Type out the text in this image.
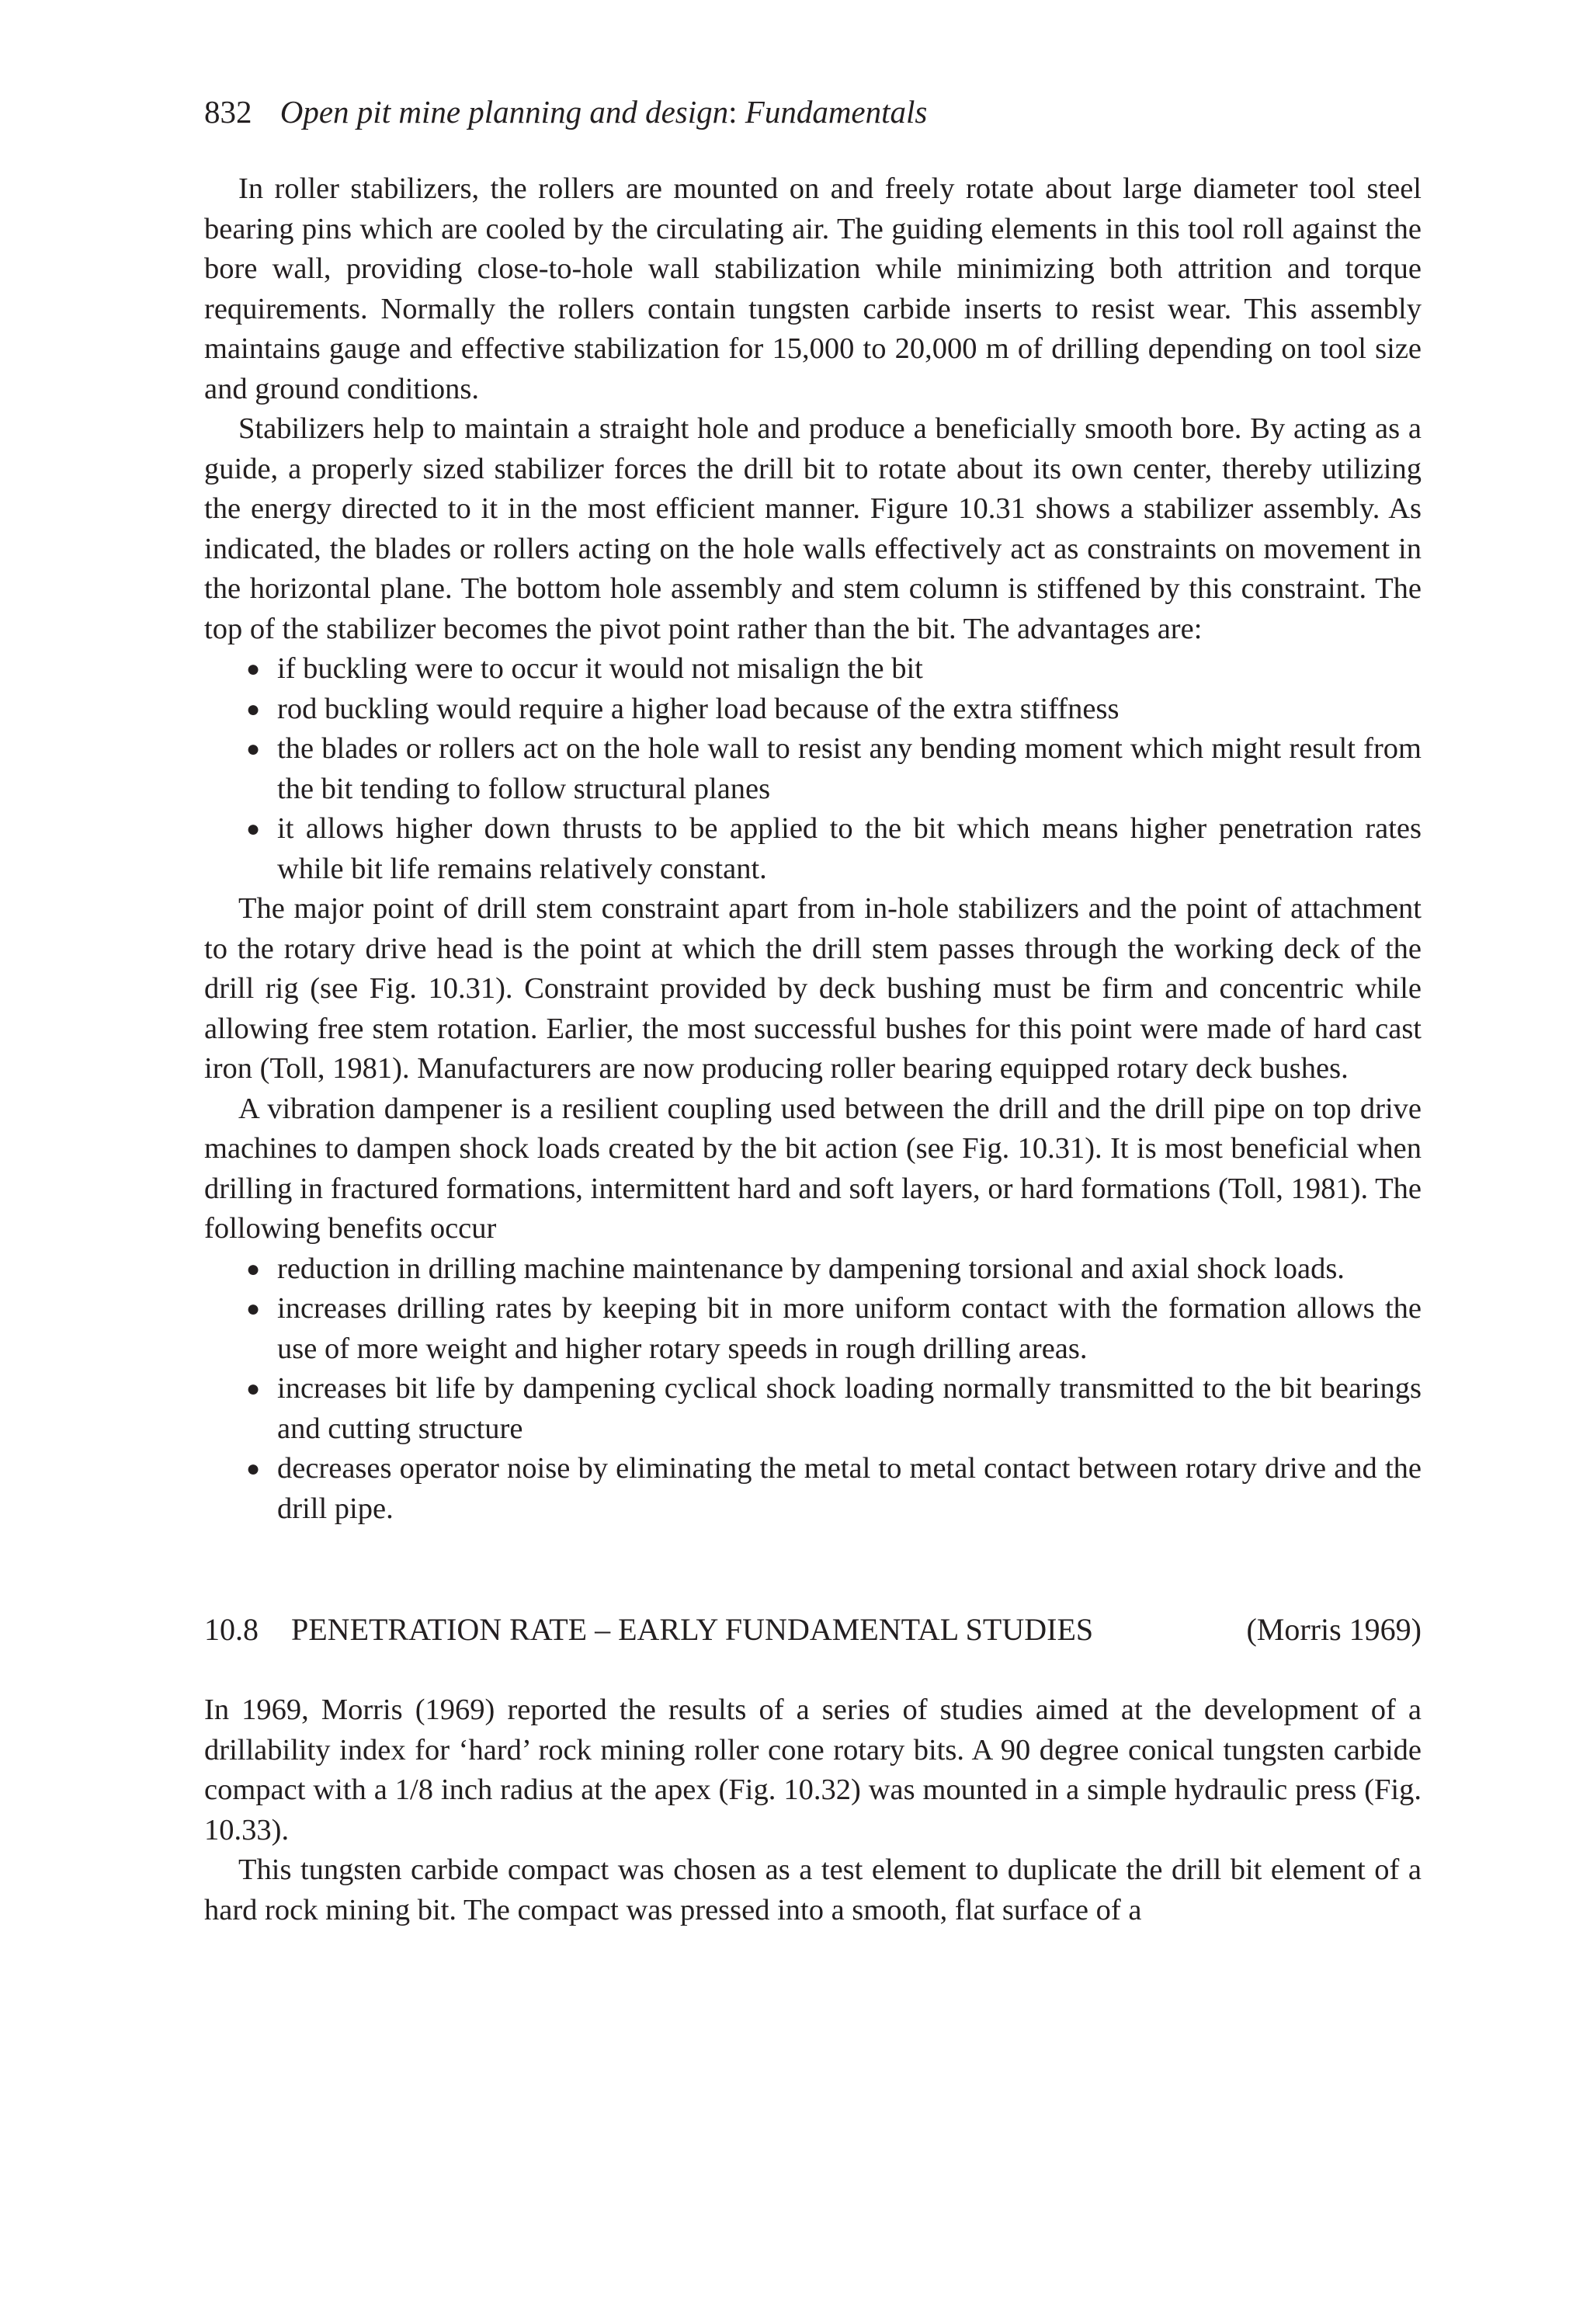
832 Open pit mine planning and design: Fundamentals

In roller stabilizers, the rollers are mounted on and freely rotate about large diameter tool steel bearing pins which are cooled by the circulating air. The guiding elements in this tool roll against the bore wall, providing close-to-hole wall stabilization while minimizing both attrition and torque requirements. Normally the rollers contain tungsten carbide inserts to resist wear. This assembly maintains gauge and effective stabilization for 15,000 to 20,000 m of drilling depending on tool size and ground conditions.

Stabilizers help to maintain a straight hole and produce a beneficially smooth bore. By acting as a guide, a properly sized stabilizer forces the drill bit to rotate about its own center, thereby utilizing the energy directed to it in the most efficient manner. Figure 10.31 shows a stabilizer assembly. As indicated, the blades or rollers acting on the hole walls effectively act as constraints on movement in the horizontal plane. The bottom hole assembly and stem column is stiffened by this constraint. The top of the stabilizer becomes the pivot point rather than the bit. The advantages are:

● if buckling were to occur it would not misalign the bit
● rod buckling would require a higher load because of the extra stiffness
● the blades or rollers act on the hole wall to resist any bending moment which might result from the bit tending to follow structural planes
● it allows higher down thrusts to be applied to the bit which means higher penetration rates while bit life remains relatively constant.

The major point of drill stem constraint apart from in-hole stabilizers and the point of attachment to the rotary drive head is the point at which the drill stem passes through the working deck of the drill rig (see Fig. 10.31). Constraint provided by deck bushing must be firm and concentric while allowing free stem rotation. Earlier, the most successful bushes for this point were made of hard cast iron (Toll, 1981). Manufacturers are now producing roller bearing equipped rotary deck bushes.

A vibration dampener is a resilient coupling used between the drill and the drill pipe on top drive machines to dampen shock loads created by the bit action (see Fig. 10.31). It is most beneficial when drilling in fractured formations, intermittent hard and soft layers, or hard formations (Toll, 1981). The following benefits occur

● reduction in drilling machine maintenance by dampening torsional and axial shock loads.
● increases drilling rates by keeping bit in more uniform contact with the formation allows the use of more weight and higher rotary speeds in rough drilling areas.
● increases bit life by dampening cyclical shock loading normally transmitted to the bit bearings and cutting structure
● decreases operator noise by eliminating the metal to metal contact between rotary drive and the drill pipe.
10.8 PENETRATION RATE – EARLY FUNDAMENTAL STUDIES	(Morris 1969)

In 1969, Morris (1969) reported the results of a series of studies aimed at the development of a drillability index for ‘hard’ rock mining roller cone rotary bits. A 90 degree conical tungsten carbide compact with a 1/8 inch radius at the apex (Fig. 10.32) was mounted in a simple hydraulic press (Fig. 10.33).

This tungsten carbide compact was chosen as a test element to duplicate the drill bit element of a hard rock mining bit. The compact was pressed into a smooth, flat surface of a
